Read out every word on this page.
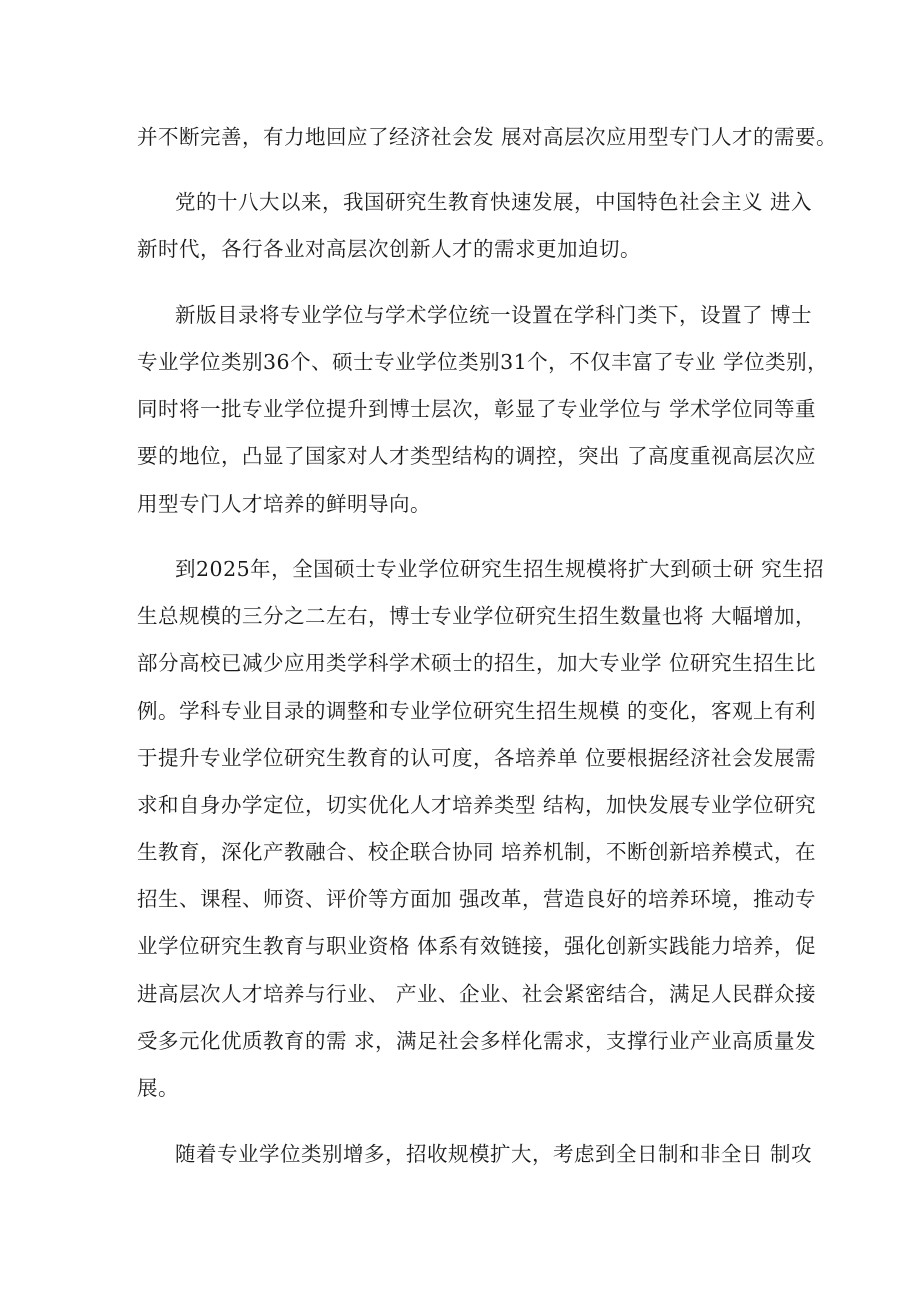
并不断完善，有力地回应了经济社会发 展对高层次应用型专门人才的需要。
党的十八大以来，我国研究生教育快速发展，中国特色社会主义 进入
新时代，各行各业对高层次创新人才的需求更加迫切。
新版目录将专业学位与学术学位统一设置在学科门类下，设置了 博士
专业学位类别36个、硕士专业学位类别31个，不仅丰富了专业 学位类别，
同时将一批专业学位提升到博士层次，彰显了专业学位与 学术学位同等重
要的地位，凸显了国家对人才类型结构的调控，突出 了高度重视高层次应
用型专门人才培养的鲜明导向。
到2025年，全国硕士专业学位研究生招生规模将扩大到硕士研 究生招
生总规模的三分之二左右，博士专业学位研究生招生数量也将 大幅增加，
部分高校已减少应用类学科学术硕士的招生，加大专业学 位研究生招生比
例。学科专业目录的调整和专业学位研究生招生规模 的变化，客观上有利
于提升专业学位研究生教育的认可度，各培养单 位要根据经济社会发展需
求和自身办学定位，切实优化人才培养类型 结构，加快发展专业学位研究
生教育，深化产教融合、校企联合协同 培养机制，不断创新培养模式，在
招生、课程、师资、评价等方面加 强改革，营造良好的培养环境，推动专
业学位研究生教育与职业资格 体系有效链接，强化创新实践能力培养，促
进高层次人才培养与行业、 产业、企业、社会紧密结合，满足人民群众接
受多元化优质教育的需 求，满足社会多样化需求，支撑行业产业高质量发
展。
随着专业学位类别增多，招收规模扩大，考虑到全日制和非全日 制攻
